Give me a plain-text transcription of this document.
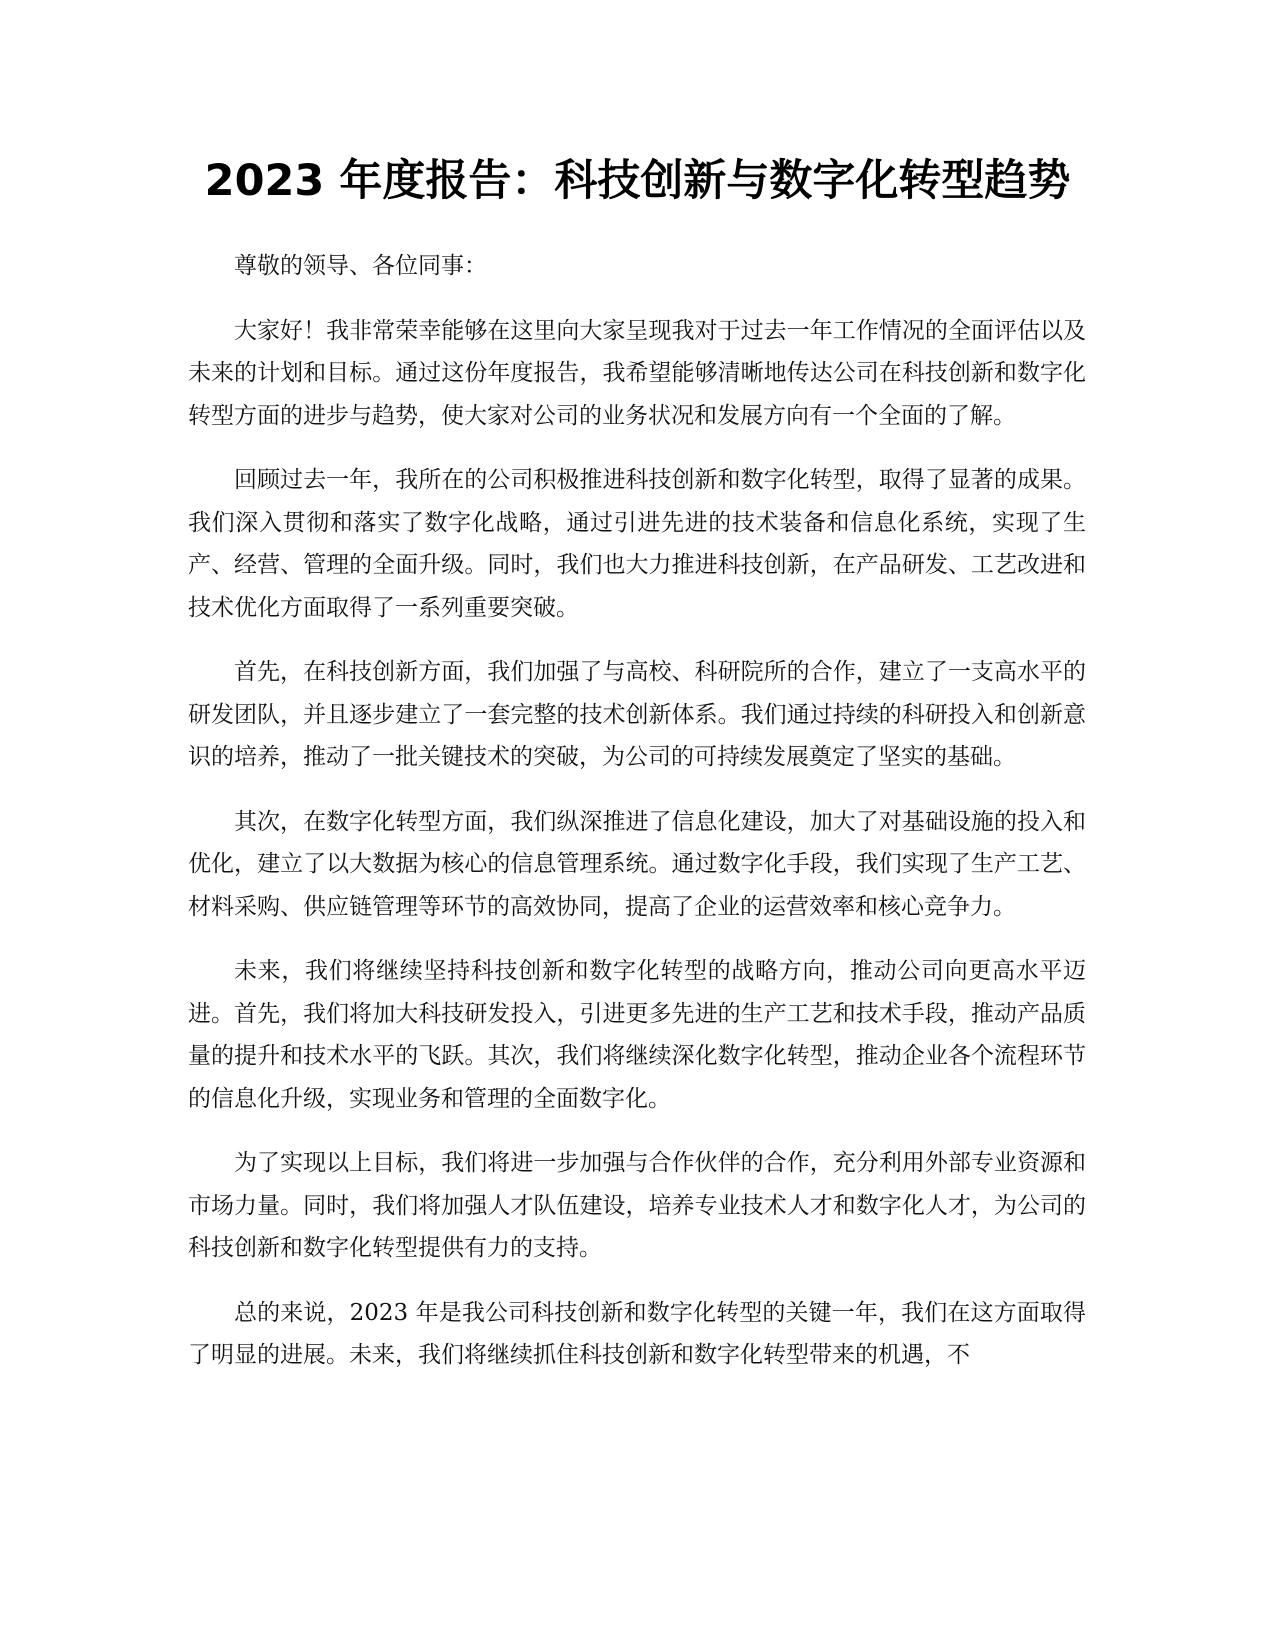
2023 年度报告：科技创新与数字化转型趋势

尊敬的领导、各位同事：

大家好！我非常荣幸能够在这里向大家呈现我对于过去一年工作情况的全面评估以及未来的计划和目标。通过这份年度报告，我希望能够清晰地传达公司在科技创新和数字化转型方面的进步与趋势，使大家对公司的业务状况和发展方向有一个全面的了解。

回顾过去一年，我所在的公司积极推进科技创新和数字化转型，取得了显著的成果。我们深入贯彻和落实了数字化战略，通过引进先进的技术装备和信息化系统，实现了生产、经营、管理的全面升级。同时，我们也大力推进科技创新，在产品研发、工艺改进和技术优化方面取得了一系列重要突破。

首先，在科技创新方面，我们加强了与高校、科研院所的合作，建立了一支高水平的研发团队，并且逐步建立了一套完整的技术创新体系。我们通过持续的科研投入和创新意识的培养，推动了一批关键技术的突破，为公司的可持续发展奠定了坚实的基础。

其次，在数字化转型方面，我们纵深推进了信息化建设，加大了对基础设施的投入和优化，建立了以大数据为核心的信息管理系统。通过数字化手段，我们实现了生产工艺、材料采购、供应链管理等环节的高效协同，提高了企业的运营效率和核心竞争力。

未来，我们将继续坚持科技创新和数字化转型的战略方向，推动公司向更高水平迈进。首先，我们将加大科技研发投入，引进更多先进的生产工艺和技术手段，推动产品质量的提升和技术水平的飞跃。其次，我们将继续深化数字化转型，推动企业各个流程环节的信息化升级，实现业务和管理的全面数字化。

为了实现以上目标，我们将进一步加强与合作伙伴的合作，充分利用外部专业资源和市场力量。同时，我们将加强人才队伍建设，培养专业技术人才和数字化人才，为公司的科技创新和数字化转型提供有力的支持。

总的来说，2023 年是我公司科技创新和数字化转型的关键一年，我们在这方面取得了明显的进展。未来，我们将继续抓住科技创新和数字化转型带来的机遇，不
